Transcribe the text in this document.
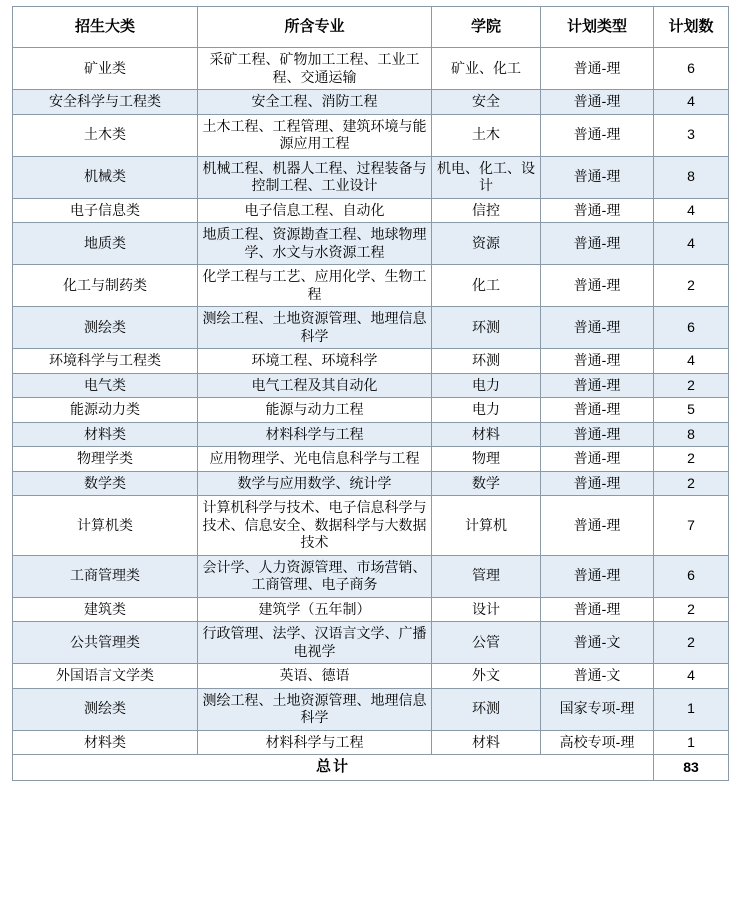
招生大类	所含专业	学院	计划类型	计划数
矿业类	采矿工程、矿物加工工程、工业工程、交通运输	矿业、化工	普通-理	6
安全科学与工程类	安全工程、消防工程	安全	普通-理	4
土木类	土木工程、工程管理、建筑环境与能源应用工程	土木	普通-理	3
机械类	机械工程、机器人工程、过程装备与控制工程、工业设计	机电、化工、设计	普通-理	8
电子信息类	电子信息工程、自动化	信控	普通-理	4
地质类	地质工程、资源勘查工程、地球物理学、水文与水资源工程	资源	普通-理	4
化工与制药类	化学工程与工艺、应用化学、生物工程	化工	普通-理	2
测绘类	测绘工程、土地资源管理、地理信息科学	环测	普通-理	6
环境科学与工程类	环境工程、环境科学	环测	普通-理	4
电气类	电气工程及其自动化	电力	普通-理	2
能源动力类	能源与动力工程	电力	普通-理	5
材料类	材料科学与工程	材料	普通-理	8
物理学类	应用物理学、光电信息科学与工程	物理	普通-理	2
数学类	数学与应用数学、统计学	数学	普通-理	2
计算机类	计算机科学与技术、电子信息科学与技术、信息安全、数据科学与大数据技术	计算机	普通-理	7
工商管理类	会计学、人力资源管理、市场营销、工商管理、电子商务	管理	普通-理	6
建筑类	建筑学（五年制）	设计	普通-理	2
公共管理类	行政管理、法学、汉语言文学、广播电视学	公管	普通-文	2
外国语言文学类	英语、德语	外文	普通-文	4
测绘类	测绘工程、土地资源管理、地理信息科学	环测	国家专项-理	1
材料类	材料科学与工程	材料	高校专项-理	1
总计				83
